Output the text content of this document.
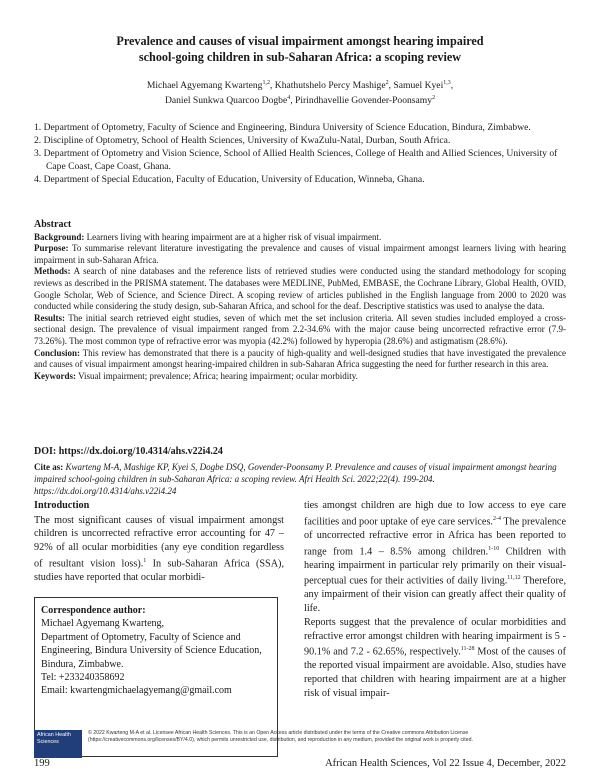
Prevalence and causes of visual impairment amongst hearing impaired
school-going children in sub-Saharan Africa: a scoping review
Michael Agyemang Kwarteng$^{1,2}$, Khathutshelo Percy Mashige$^2$, Samuel Kyei$^{1,3}$,
Daniel Sunkwa Quarcoo Dogbe$^4$, Pirindhavellie Govender-Poonsamy$^2$

1. Department of Optometry, Faculty of Science and Engineering, Bindura University of Science Education, Bindura, Zimbabwe.

2. Discipline of Optometry, School of Health Sciences, University of KwaZulu-Natal, Durban, South Africa.

3. Department of Optometry and Vision Science, School of Allied Health Sciences, College of Health and Allied Sciences, University of Cape Coast, Cape Coast, Ghana.

4. Department of Special Education, Faculty of Education, University of Education, Winneba, Ghana.

Abstract

Background: Learners living with hearing impairment are at a higher risk of visual impairment.

Purpose: To summarise relevant literature investigating the prevalence and causes of visual impairment amongst learners living with hearing impairment in sub-Saharan Africa.

Methods: A search of nine databases and the reference lists of retrieved studies were conducted using the standard methodology for scoping reviews as described in the PRISMA statement. The databases were MEDLINE, PubMed, EMBASE, the Cochrane Library, Global Health, OVID, Google Scholar, Web of Science, and Science Direct. A scoping review of articles published in the English language from 2000 to 2020 was conducted while considering the study design, sub-Saharan Africa, and school for the deaf. Descriptive statistics was used to analyse the data.

Results: The initial search retrieved eight studies, seven of which met the set inclusion criteria. All seven studies included employed a cross-sectional design. The prevalence of visual impairment ranged from 2.2-34.6% with the major cause being uncorrected refractive error (7.9-73.26%). The most common type of refractive error was myopia (42.2%) followed by hyperopia (28.6%) and astigmatism (28.6%).

Conclusion: This review has demonstrated that there is a paucity of high-quality and well-designed studies that have investigated the prevalence and causes of visual impairment amongst hearing-impaired children in sub-Saharan Africa suggesting the need for further research in this area.

Keywords: Visual impairment; prevalence; Africa; hearing impairment; ocular morbidity.

DOI: https://dx.doi.org/10.4314/ahs.v22i4.24
Cite as: Kwarteng M-A, Mashige KP, Kyei S, Dogbe DSQ, Govender-Poonsamy P. Prevalence and causes of visual impairment amongst hearing impaired school-going children in sub-Saharan Africa: a scoping review. Afri Health Sci. 2022;22(4). 199-204. https://dx.doi.org/10.4314/ahs.v22i4.24

Introduction

The most significant causes of visual impairment amongst children is uncorrected refractive error accounting for 47 – 92% of all ocular morbidities (any eye condition regardless of resultant vision loss).$^1$ In sub-Saharan Africa (SSA), studies have reported that ocular morbidi-

ties amongst children are high due to low access to eye care facilities and poor uptake of eye care services.$^{2-4}$ The prevalence of uncorrected refractive error in Africa has been reported to range from 1.4 – 8.5% among children.$^{1-10}$ Children with hearing impairment in particular rely primarily on their visual-perceptual cues for their activities of daily living.$^{11,12}$ Therefore, any impairment of their vision can greatly affect their quality of life.

Reports suggest that the prevalence of ocular morbidities and refractive error amongst children with hearing impairment is 5 - 90.1% and 7.2 - 62.65%, respectively.$^{11-28}$ Most of the causes of the reported visual impairment are avoidable. Also, studies have reported that children with hearing impairment are at a higher risk of visual impair-

Correspondence author:

Michael Agyemang Kwarteng,

Department of Optometry, Faculty of Science and Engineering, Bindura University of Science Education, Bindura, Zimbabwe.

Tel: +233240358692

Email: kwartengmichaelagyemang@gmail.com

African Health Sciences
© 2022 Kwarteng M-A et al. Licensee African Health Sciences. This is an Open Access article distributed under the terms of the Creative commons Attribution License (https://creativecommons.org/licenses/BY/4.0), which permits unrestricted use, distribution, and reproduction in any medium, provided the original work is properly cited.
199	African Health Sciences, Vol 22 Issue 4, December, 2022
